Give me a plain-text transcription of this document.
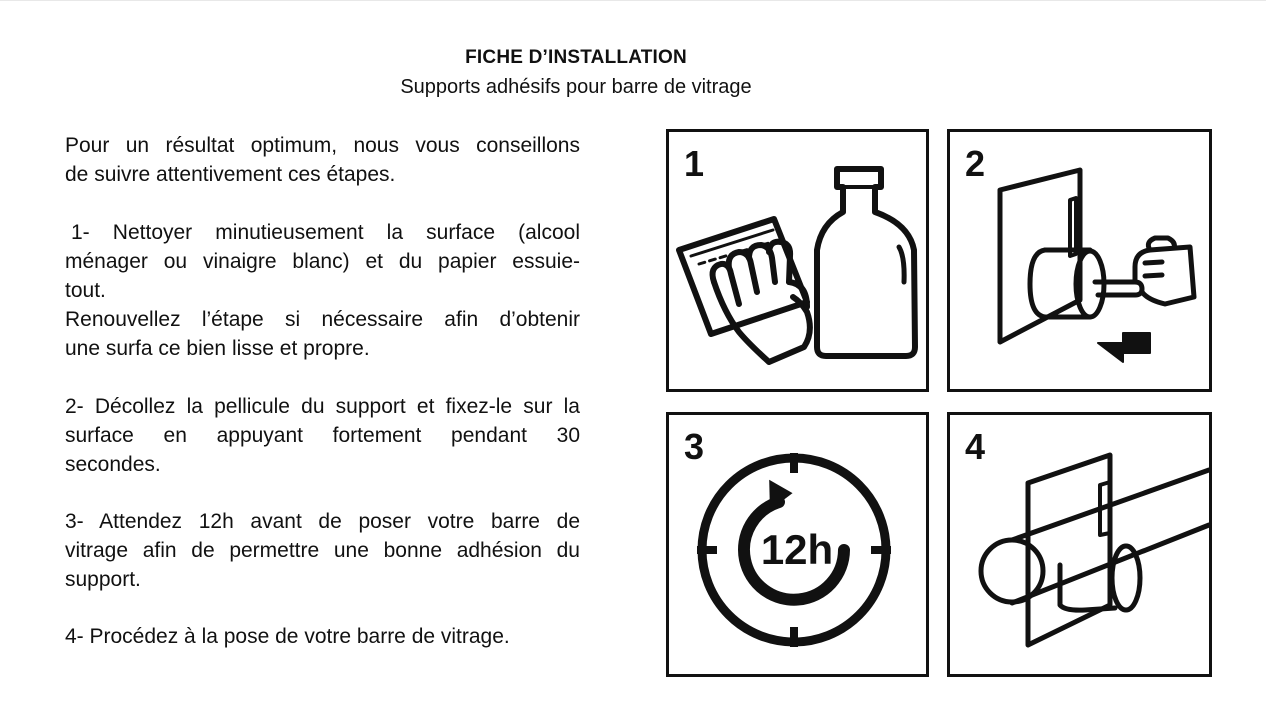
FICHE D’INSTALLATION
Supports adhésifs pour barre de vitrage
Pour un résultat optimum, nous vous conseillons
de suivre attentivement ces étapes.
1- Nettoyer minutieusement la surface (alcool
ménager ou vinaigre blanc) et du papier essuie-
tout.
Renouvellez l’étape si nécessaire afin d’obtenir
une surfa ce bien lisse et propre.
2- Décollez la pellicule du support et fixez-le sur la
surface en appuyant fortement pendant 30
secondes.
3- Attendez 12h avant de poser votre barre de
vitrage afin de permettre une bonne adhésion du
support.
4- Procédez à la pose de votre barre de vitrage.
1	2
3
12h
4
